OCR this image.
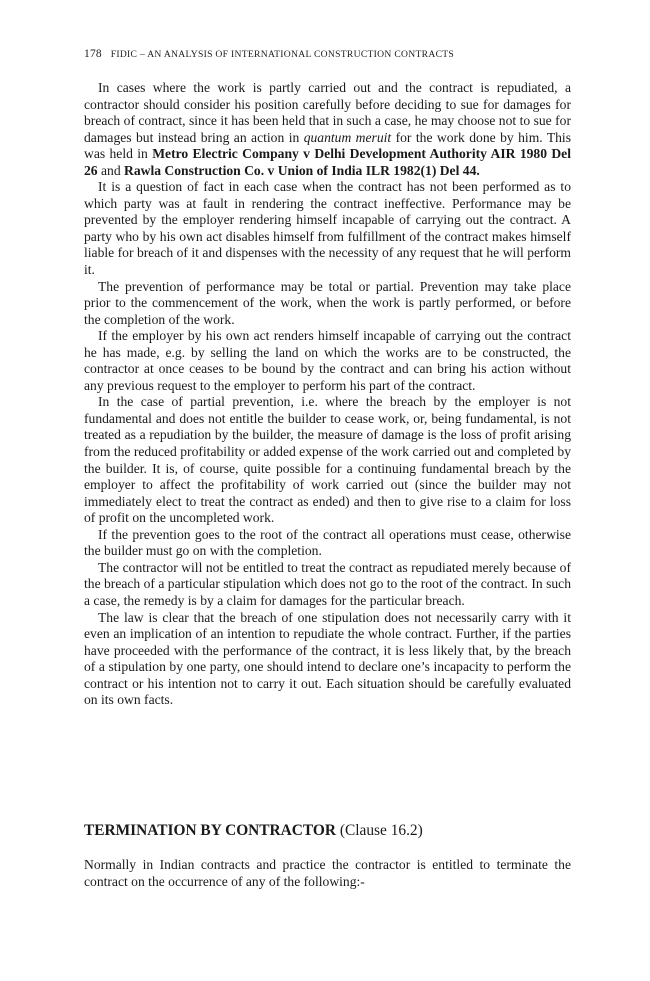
178 FIDIC – AN ANALYSIS OF INTERNATIONAL CONSTRUCTION CONTRACTS

In cases where the work is partly carried out and the contract is repudiated, a contractor should consider his position carefully before deciding to sue for damages for breach of contract, since it has been held that in such a case, he may choose not to sue for damages but instead bring an action in quantum meruit for the work done by him. This was held in Metro Electric Company v Delhi Development Authority AIR 1980 Del 26 and Rawla Construction Co. v Union of India ILR 1982(1) Del 44.

It is a question of fact in each case when the contract has not been performed as to which party was at fault in rendering the contract ineffective. Performance may be prevented by the employer rendering himself incapable of carrying out the contract. A party who by his own act disables himself from fulfillment of the contract makes himself liable for breach of it and dispenses with the necessity of any request that he will perform it.

The prevention of performance may be total or partial. Prevention may take place prior to the commencement of the work, when the work is partly performed, or before the completion of the work.

If the employer by his own act renders himself incapable of carrying out the contract he has made, e.g. by selling the land on which the works are to be constructed, the contractor at once ceases to be bound by the contract and can bring his action without any previous request to the employer to perform his part of the contract.

In the case of partial prevention, i.e. where the breach by the employer is not fundamental and does not entitle the builder to cease work, or, being fundamental, is not treated as a repudiation by the builder, the measure of damage is the loss of profit arising from the reduced profitability or added expense of the work carried out and completed by the builder. It is, of course, quite possible for a continuing fundamental breach by the employer to affect the profitability of work carried out (since the builder may not immediately elect to treat the contract as ended) and then to give rise to a claim for loss of profit on the uncompleted work.

If the prevention goes to the root of the contract all operations must cease, otherwise the builder must go on with the completion.

The contractor will not be entitled to treat the contract as repudiated merely because of the breach of a particular stipulation which does not go to the root of the contract. In such a case, the remedy is by a claim for damages for the particular breach.

The law is clear that the breach of one stipulation does not necessarily carry with it even an implication of an intention to repudiate the whole contract. Further, if the parties have proceeded with the performance of the contract, it is less likely that, by the breach of a stipulation by one party, one should intend to declare one’s incapacity to perform the contract or his intention not to carry it out. Each situation should be carefully evaluated on its own facts.

TERMINATION BY CONTRACTOR (Clause 16.2)

Normally in Indian contracts and practice the contractor is entitled to terminate the contract on the occurrence of any of the following:-
